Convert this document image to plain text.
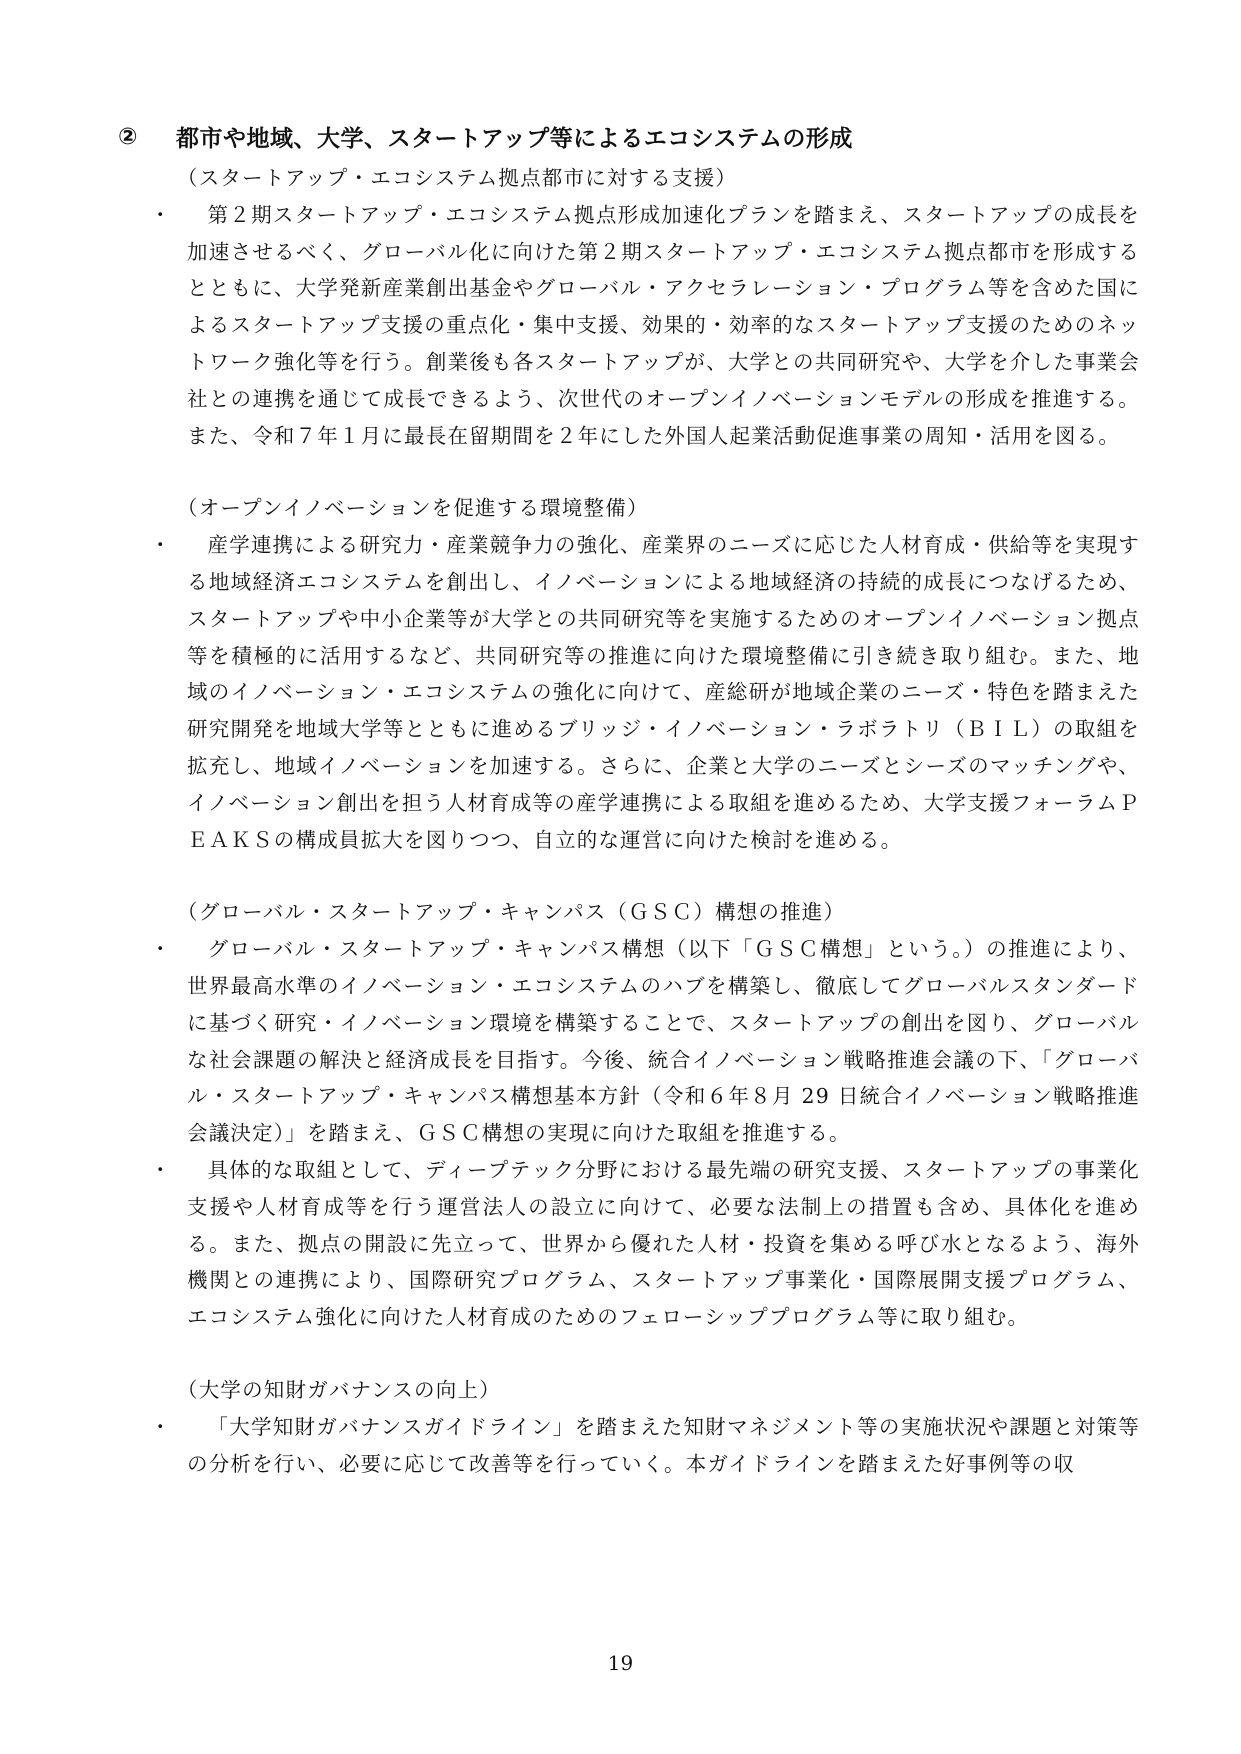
②	都市や地域、大学、スタートアップ等によるエコシステムの形成

（スタートアップ・エコシステム拠点都市に対する支援）

・	第２期スタートアップ・エコシステム拠点形成加速化プランを踏まえ、スタートアップの成長を加速させるべく、グローバル化に向けた第２期スタートアップ・エコシステム拠点都市を形成するとともに、大学発新産業創出基金やグローバル・アクセラレーション・プログラム等を含めた国によるスタートアップ支援の重点化・集中支援、効果的・効率的なスタートアップ支援のためのネットワーク強化等を行う。創業後も各スタートアップが、大学との共同研究や、大学を介した事業会社との連携を通じて成長できるよう、次世代のオープンイノベーションモデルの形成を推進する。また、令和７年１月に最長在留期間を２年にした外国人起業活動促進事業の周知・活用を図る。

（オープンイノベーションを促進する環境整備）

・	産学連携による研究力・産業競争力の強化、産業界のニーズに応じた人材育成・供給等を実現する地域経済エコシステムを創出し、イノベーションによる地域経済の持続的成長につなげるため、スタートアップや中小企業等が大学との共同研究等を実施するためのオープンイノベーション拠点等を積極的に活用するなど、共同研究等の推進に向けた環境整備に引き続き取り組む。また、地域のイノベーション・エコシステムの強化に向けて、産総研が地域企業のニーズ・特色を踏まえた研究開発を地域大学等とともに進めるブリッジ・イノベーション・ラボラトリ（ＢＩＬ）の取組を拡充し、地域イノベーションを加速する。さらに、企業と大学のニーズとシーズのマッチングや、イノベーション創出を担う人材育成等の産学連携による取組を進めるため、大学支援フォーラムＰＥＡＫＳの構成員拡大を図りつつ、自立的な運営に向けた検討を進める。

（グローバル・スタートアップ・キャンパス（ＧＳＣ）構想の推進）

・	グローバル・スタートアップ・キャンパス構想（以下「ＧＳＣ構想」という。）の推進により、世界最高水準のイノベーション・エコシステムのハブを構築し、徹底してグローバルスタンダードに基づく研究・イノベーション環境を構築することで、スタートアップの創出を図り、グローバルな社会課題の解決と経済成長を目指す。今後、統合イノベーション戦略推進会議の下、「グローバル・スタートアップ・キャンパス構想基本方針（令和６年８月 29 日統合イノベーション戦略推進会議決定）」を踏まえ、ＧＳＣ構想の実現に向けた取組を推進する。

・	具体的な取組として、ディープテック分野における最先端の研究支援、スタートアップの事業化支援や人材育成等を行う運営法人の設立に向けて、必要な法制上の措置も含め、具体化を進める。また、拠点の開設に先立って、世界から優れた人材・投資を集める呼び水となるよう、海外機関との連携により、国際研究プログラム、スタートアップ事業化・国際展開支援プログラム、エコシステム強化に向けた人材育成のためのフェローシッププログラム等に取り組む。

（大学の知財ガバナンスの向上）

・	「大学知財ガバナンスガイドライン」を踏まえた知財マネジメント等の実施状況や課題と対策等の分析を行い、必要に応じて改善等を行っていく。本ガイドラインを踏まえた好事例等の収

19
